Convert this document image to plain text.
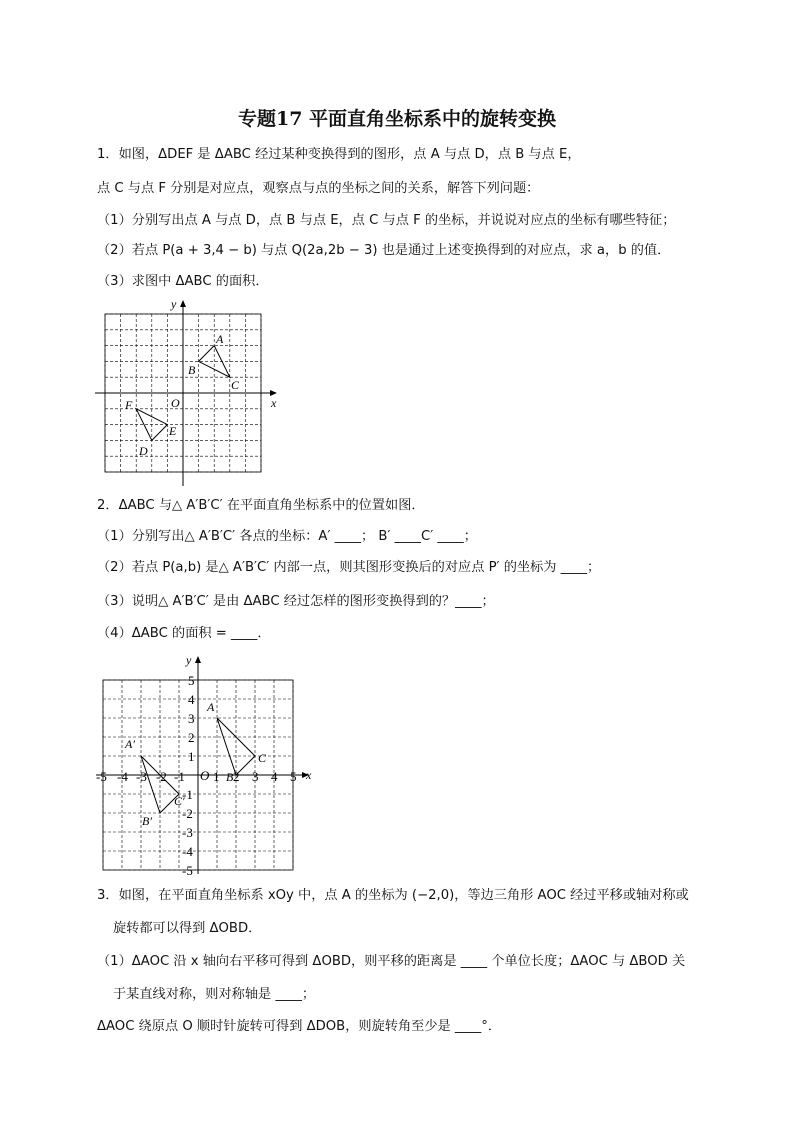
专题17 平面直角坐标系中的旋转变换
1．如图，ΔDEF 是 ΔABC 经过某种变换得到的图形，点 A 与点 D，点 B 与点 E，
点 C 与点 F 分别是对应点，观察点与点的坐标之间的关系，解答下列问题：
（1）分别写出点 A 与点 D，点 B 与点 E，点 C 与点 F 的坐标，并说说对应点的坐标有哪些特征；
（2）若点 P(a + 3,4 − b) 与点 Q(2a,2b − 3) 也是通过上述变换得到的对应点，求 a，b 的值．
（3）求图中 ΔABC 的面积．
x
y
O
A
B
C
D
E
F
2．ΔABC 与△ A′B′C′ 在平面直角坐标系中的位置如图．
（1）分别写出△ A′B′C′ 各点的坐标：A′ ____； B′ ____C′ ____；
（2）若点 P(a,b) 是△ A′B′C′ 内部一点，则其图形变换后的对应点 P′ 的坐标为 ____；
（3）说明△ A′B′C′ 是由 ΔABC 经过怎样的图形变换得到的？____；
（4）ΔABC 的面积 = ____．
x
y
O
-5 -4 -3 -2 -1 1 2 3 4 5
5
4
3
2
1
-1
-2
-3
-4
-5
A
B
C
A′
B′
C′
3．如图，在平面直角坐标系 xOy 中，点 A 的坐标为 (−2,0)，等边三角形 AOC 经过平移或轴对称或
旋转都可以得到 ΔOBD．
（1）ΔAOC 沿 x 轴向右平移可得到 ΔOBD，则平移的距离是 ____ 个单位长度；ΔAOC 与 ΔBOD 关
于某直线对称，则对称轴是 ____；
ΔAOC 绕原点 O 顺时针旋转可得到 ΔDOB，则旋转角至少是 ____°．
